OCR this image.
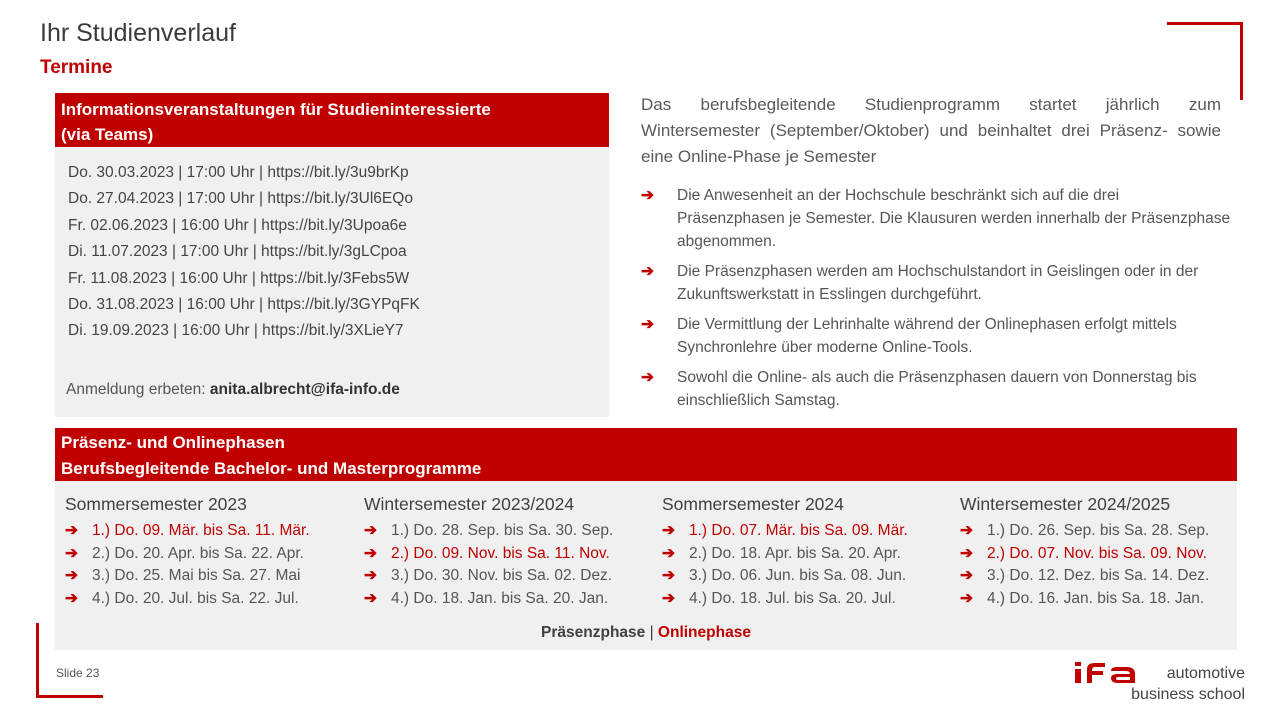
Ihr Studienverlauf
Termine
Informationsveranstaltungen für Studieninteressierte
(via Teams)
Do. 30.03.2023 | 17:00 Uhr | https://bit.ly/3u9brKp
Do. 27.04.2023 | 17:00 Uhr | https://bit.ly/3Ul6EQo
Fr. 02.06.2023 | 16:00 Uhr | https://bit.ly/3Upoa6e
Di. 11.07.2023 | 17:00 Uhr | https://bit.ly/3gLCpoa
Fr. 11.08.2023 | 16:00 Uhr | https://bit.ly/3Febs5W
Do. 31.08.2023 | 16:00 Uhr | https://bit.ly/3GYPqFK
Di. 19.09.2023 | 16:00 Uhr | https://bit.ly/3XLieY7
Anmeldung erbeten: anita.albrecht@ifa-info.de
Das berufsbegleitende Studienprogramm startet jährlich zum Wintersemester (September/Oktober) und beinhaltet drei Präsenz- sowie eine Online-Phase je Semester
➔	Die Anwesenheit an der Hochschule beschränkt sich auf die drei Präsenzphasen je Semester. Die Klausuren werden innerhalb der Präsenzphase abgenommen.
➔	Die Präsenzphasen werden am Hochschulstandort in Geislingen oder in der Zukunftswerkstatt in Esslingen durchgeführt.
➔	Die Vermittlung der Lehrinhalte während der Onlinephasen erfolgt mittels Synchronlehre über moderne Online-Tools.
➔	Sowohl die Online- als auch die Präsenzphasen dauern von Donnerstag bis einschließlich Samstag.
Präsenz- und Onlinephasen
Berufsbegleitende Bachelor- und Masterprogramme
Sommersemester 2023
➔ 1.) Do. 09. Mär. bis Sa. 11. Mär.
➔ 2.) Do. 20. Apr. bis Sa. 22. Apr.
➔ 3.) Do. 25. Mai bis Sa. 27. Mai
➔ 4.) Do. 20. Jul. bis Sa. 22. Jul.
Wintersemester 2023/2024
➔ 1.) Do. 28. Sep. bis Sa. 30. Sep.
➔ 2.) Do. 09. Nov. bis Sa. 11. Nov.
➔ 3.) Do. 30. Nov. bis Sa. 02. Dez.
➔ 4.) Do. 18. Jan. bis Sa. 20. Jan.
Sommersemester 2024
➔ 1.) Do. 07. Mär. bis Sa. 09. Mär.
➔ 2.) Do. 18. Apr. bis Sa. 20. Apr.
➔ 3.) Do. 06. Jun. bis Sa. 08. Jun.
➔ 4.) Do. 18. Jul. bis Sa. 20. Jul.
Wintersemester 2024/2025
➔ 1.) Do. 26. Sep. bis Sa. 28. Sep.
➔ 2.) Do. 07. Nov. bis Sa. 09. Nov.
➔ 3.) Do. 12. Dez. bis Sa. 14. Dez.
➔ 4.) Do. 16. Jan. bis Sa. 18. Jan.
Präsenzphase | Onlinephase
Slide 23	automotive
business school
